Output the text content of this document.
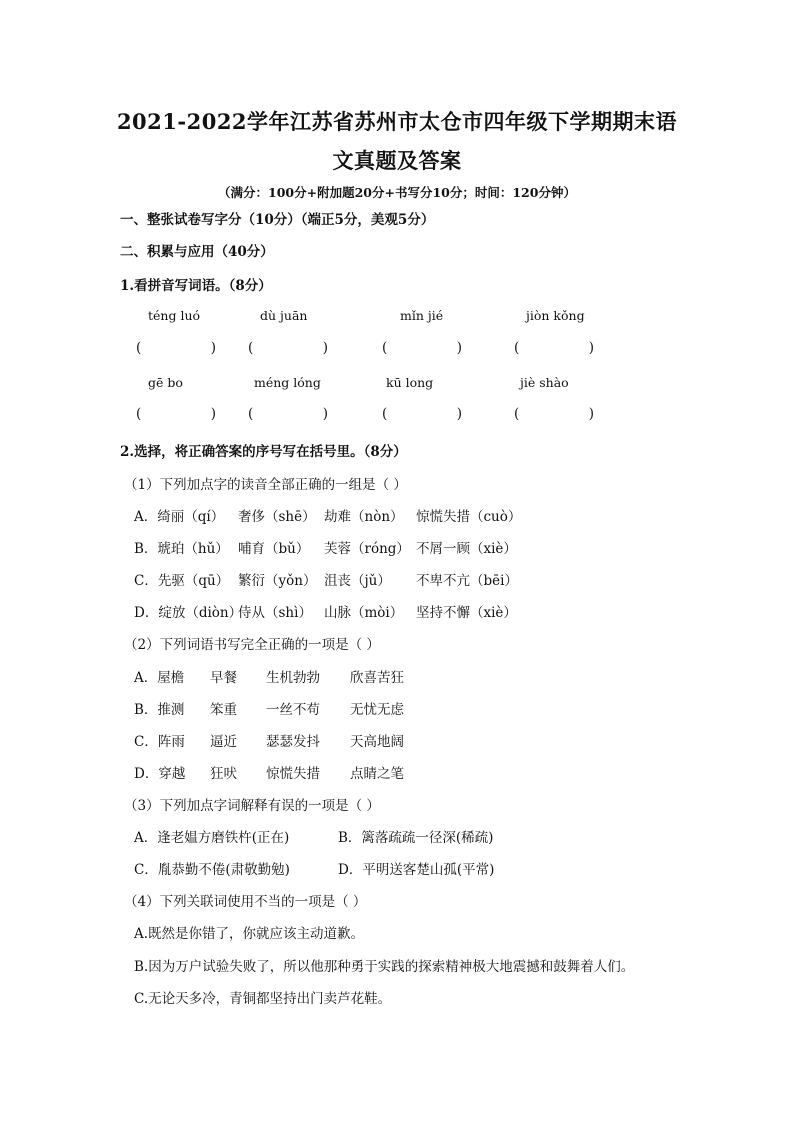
2021-2022学年江苏省苏州市太仓市四年级下学期期末语
文真题及答案
（满分：100分+附加题20分+书写分10分；时间：120分钟）
一、整张试卷写字分（10分）（端正5分，美观5分）
二、积累与应用（40分）
1.看拼音写词语。（8分）
téng luó	dù juān	mǐn jié	jiòn kǒng
(	) (	)	(	)	(	)
gē bo	méng lóng	kū long	jiè shào
(	) (	)	(	)	(	)
2.选择，将正确答案的序号写在括号里。（8分）
（1）下列加点字的读音全部正确的一组是（ ）
A．绮丽（qí） 奢侈（shē） 劫难（nòn） 惊慌失措（cuò）
B．琥珀（hǔ） 哺育（bǔ） 芙蓉（róng） 不屑一顾（xiè）
C．先驱（qū） 繁衍（yǒn） 沮丧（jǔ） 不卑不亢（bēi）
D．绽放（diòn）侍从（shì） 山脉（mòi） 坚持不懈（xiè）
（2）下列词语书写完全正确的一项是（ ）
A．屋檐 早餐 生机勃勃 欣喜苦狂
B．推测 笨重 一丝不苟 无忧无虑
C．阵雨 逼近 瑟瑟发抖 天高地阔
D．穿越 狂吠 惊慌失措 点睛之笔
（3）下列加点字词解释有误的一项是（ ）
A．逢老媪方磨铁杵(正在)	B．篱落疏疏一径深(稀疏)
C．胤恭勤不倦(肃敬勤勉)	D．平明送客楚山孤(平常)
（4）下列关联词使用不当的一项是（ ）
A.既然是你错了，你就应该主动道歉。
B.因为万户试验失败了，所以他那种勇于实践的探索精神极大地震撼和鼓舞着人们。
C.无论天多冷，青铜都坚持出门卖芦花鞋。
